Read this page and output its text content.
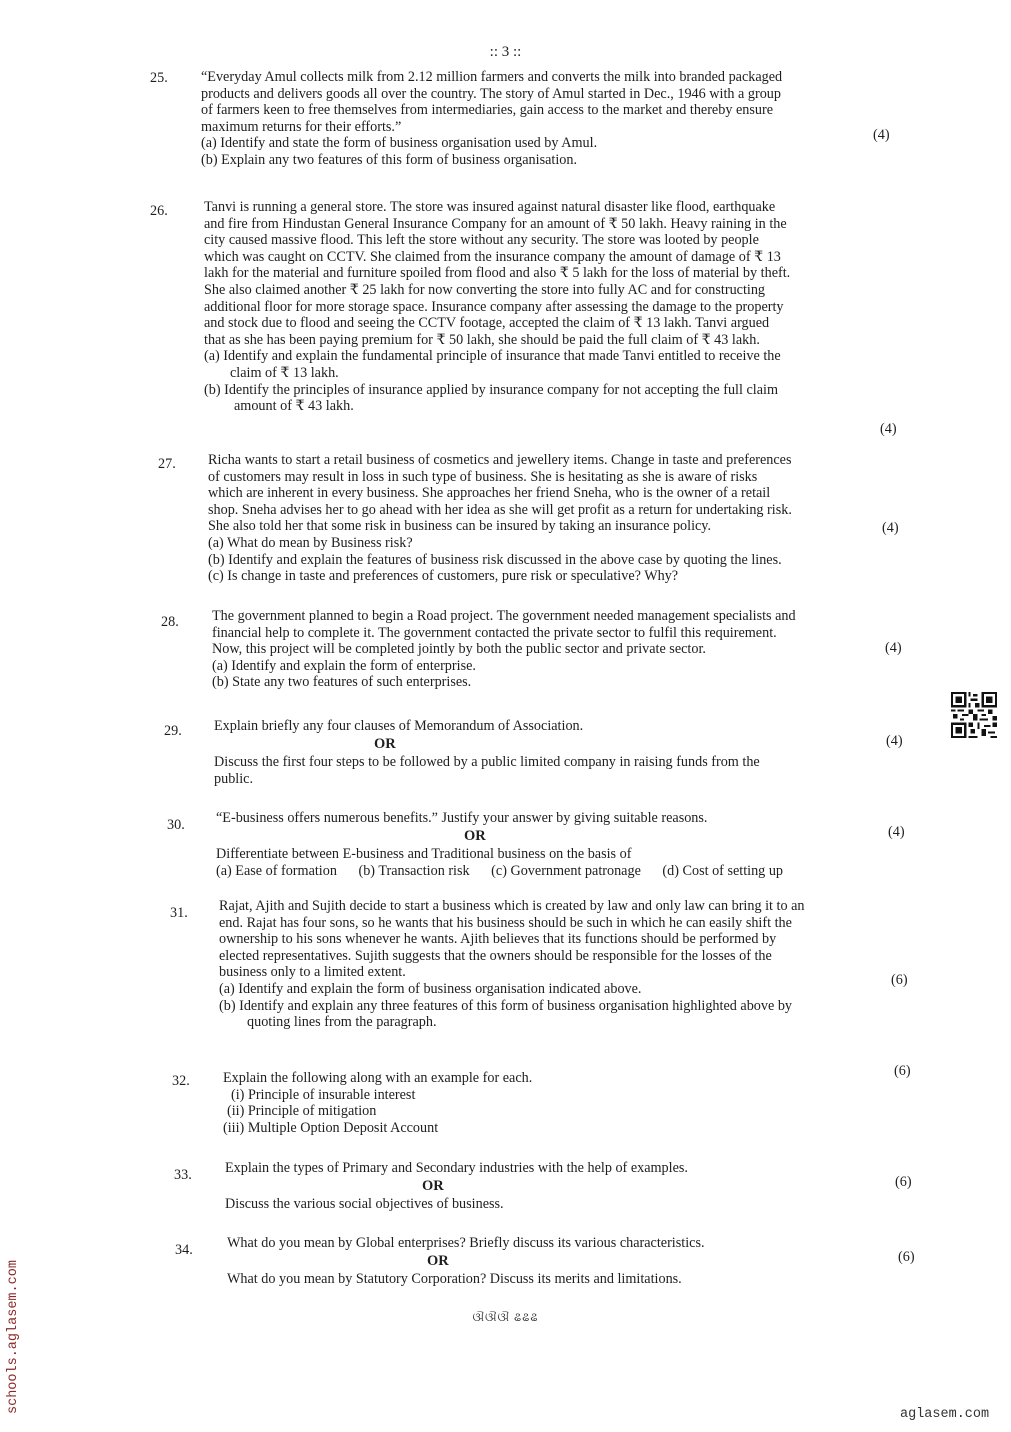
:: 3 ::
25. “Everyday Amul collects milk from 2.12 million farmers and converts the milk into branded packaged

products and delivers goods all over the country. The story of Amul started in Dec., 1946 with a group

of farmers keen to free themselves from intermediaries, gain access to the market and thereby ensure

maximum returns for their efforts.”

(a) Identify and state the form of business organisation used by Amul.

(b) Explain any two features of this form of business organisation.

(4)
26.	Tanvi is running a general store. The store was insured against natural disaster like flood, earthquake

and fire from Hindustan General Insurance Company for an amount of ₹ 50 lakh. Heavy raining in the

city caused massive flood. This left the store without any security. The store was looted by people

which was caught on CCTV. She claimed from the insurance company the amount of damage of ₹ 13

lakh for the material and furniture spoiled from flood and also ₹ 5 lakh for the loss of material by theft.

She also claimed another ₹ 25 lakh for now converting the store into fully AC and for constructing

additional floor for more storage space. Insurance company after assessing the damage to the property

and stock due to flood and seeing the CCTV footage, accepted the claim of ₹ 13 lakh. Tanvi argued

that as she has been paying premium for ₹ 50 lakh, she should be paid the full claim of ₹ 43 lakh.

(a) Identify and explain the fundamental principle of insurance that made Tanvi entitled to receive the

claim of ₹ 13 lakh.

(b) Identify the principles of insurance applied by insurance company for not accepting the full claim

amount of ₹ 43 lakh.

(4)
27. Richa wants to start a retail business of cosmetics and jewellery items. Change in taste and preferences

of customers may result in loss in such type of business. She is hesitating as she is aware of risks

which are inherent in every business. She approaches her friend Sneha, who is the owner of a retail

shop. Sneha advises her to go ahead with her idea as she will get profit as a return for undertaking risk.

She also told her that some risk in business can be insured by taking an insurance policy.

(a) What do mean by Business risk?

(b) Identify and explain the features of business risk discussed in the above case by quoting the lines.

(c) Is change in taste and preferences of customers, pure risk or speculative? Why?

(4)
28. The government planned to begin a Road project. The government needed management specialists and

financial help to complete it. The government contacted the private sector to fulfil this requirement.

Now, this project will be completed jointly by both the public sector and private sector.

(a) Identify and explain the form of enterprise.

(b) State any two features of such enterprises.

(4)
29. Explain briefly any four clauses of Memorandum of Association.

OR

Discuss the first four steps to be followed by a public limited company in raising funds from the

public.

(4)
30. “E-business offers numerous benefits.” Justify your answer by giving suitable reasons.

OR

Differentiate between E-business and Traditional business on the basis of

(a) Ease of formation (b) Transaction risk (c) Government patronage (d) Cost of setting up

(4)
31. Rajat, Ajith and Sujith decide to start a business which is created by law and only law can bring it to an

end. Rajat has four sons, so he wants that his business should be such in which he can easily shift the

ownership to his sons whenever he wants. Ajith believes that its functions should be performed by

elected representatives. Sujith suggests that the owners should be responsible for the losses of the

business only to a limited extent.

(a) Identify and explain the form of business organisation indicated above.

(b) Identify and explain any three features of this form of business organisation highlighted above by

quoting lines from the paragraph.

(6)
32. Explain the following along with an example for each.

(i) Principle of insurable interest

(ii) Principle of mitigation

(iii) Multiple Option Deposit Account

(6)
33. Explain the types of Primary and Secondary industries with the help of examples.

OR

Discuss the various social objectives of business.

(6)
34. What do you mean by Global enterprises? Briefly discuss its various characteristics.

OR

What do you mean by Statutory Corporation? Discuss its merits and limitations.

(6)
ଔଔଔ ଌଌଌ
schools.aglasem.com
aglasem.com
